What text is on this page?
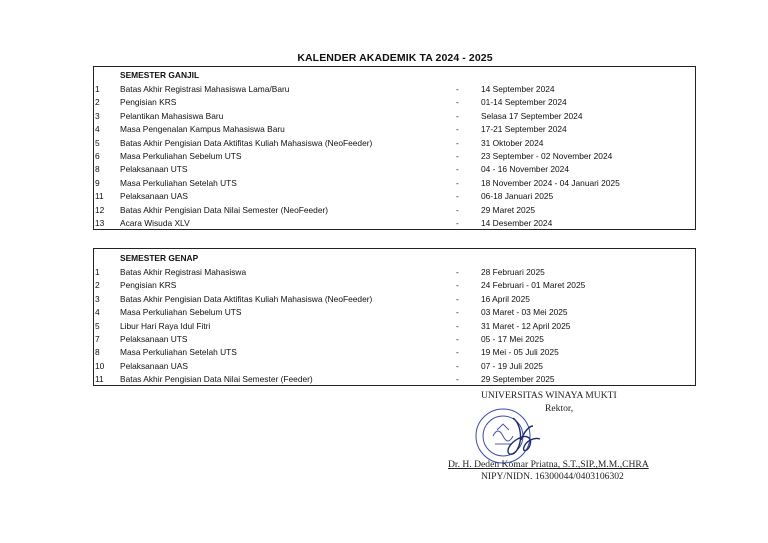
KALENDER AKADEMIK TA 2024 - 2025
SEMESTER GANJIL
1 Batas Akhir Registrasi Mahasiswa Lama/Baru	-	14 September 2024
2 Pengisian KRS	-	01-14 September 2024
3 Pelantikan Mahasiswa Baru	-	Selasa 17 September 2024
4 Masa Pengenalan Kampus Mahasiswa Baru	-	17-21 September 2024
5 Batas Akhir Pengisian Data Aktifitas Kuliah Mahasiswa (NeoFeeder)	-	31 Oktober 2024
6 Masa Perkuliahan Sebelum UTS	-	23 September - 02 November 2024
8 Pelaksanaan UTS	-	04 - 16 November 2024
9 Masa Perkuliahan Setelah UTS	-	18 November 2024 - 04 Januari 2025
11 Pelaksanaan UAS	-	06-18 Januari 2025
12 Batas Akhir Pengisian Data Nilai Semester (NeoFeeder)	-	29 Maret 2025
13 Acara Wisuda XLV	-	14 Desember 2024
SEMESTER GENAP
1 Batas Akhir Registrasi Mahasiswa	-	28 Februari 2025
2 Pengisian KRS	-	24 Februari - 01 Maret 2025
3 Batas Akhir Pengisian Data Aktifitas Kuliah Mahasiswa (NeoFeeder)	-	16 April 2025
4 Masa Perkuliahan Sebelum UTS	-	03 Maret - 03 Mei 2025
5 Libur Hari Raya Idul Fitri	-	31 Maret - 12 April 2025
7 Pelaksanaan UTS	-	05 - 17 Mei 2025
8 Masa Perkuliahan Setelah UTS	-	19 Mei - 05 Juli 2025
10 Pelaksanaan UAS	-	07 - 19 Juli 2025
11 Batas Akhir Pengisian Data Nilai Semester (Feeder)	-	29 September 2025
UNIVERSITAS WINAYA MUKTI
Rektor,
Dr. H. Deden Komar Priatna, S.T.,SIP.,M.M.,CHRA
NIPY/NIDN. 16300044/0403106302
